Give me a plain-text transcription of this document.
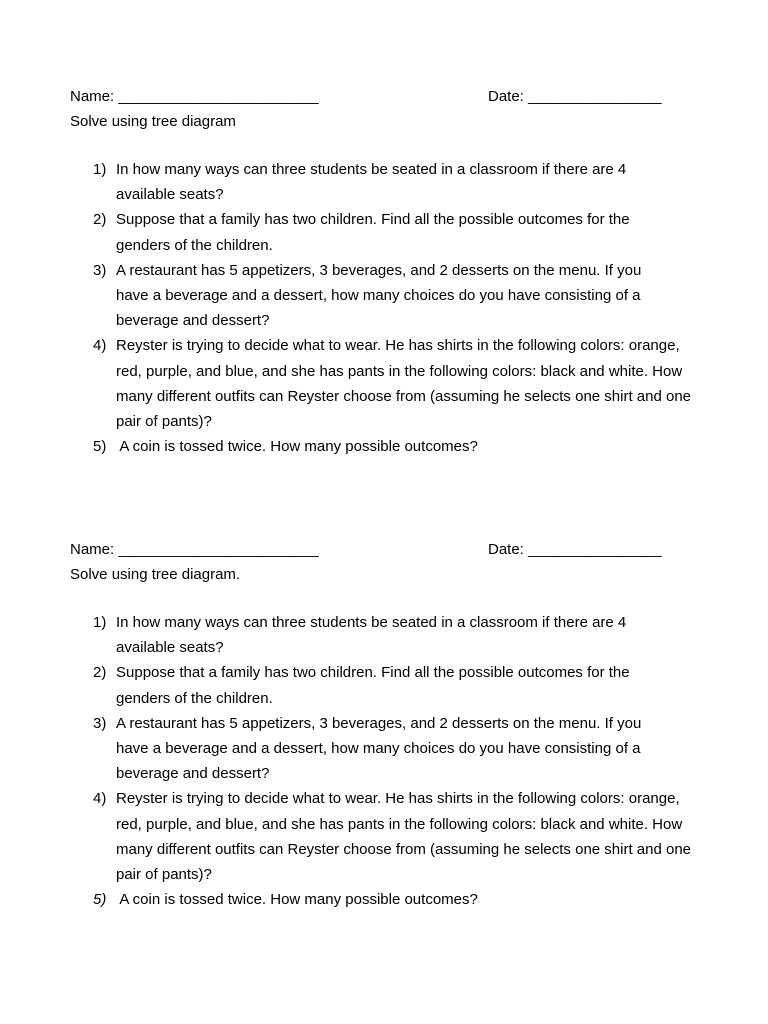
Name: ________________________	Date: ________________
Solve using tree diagram
1) In how many ways can three students be seated in a classroom if there are 4 available seats?
2) Suppose that a family has two children. Find all the possible outcomes for the genders of the children.
3) A restaurant has 5 appetizers, 3 beverages, and 2 desserts on the menu. If you have a beverage and a dessert, how many choices do you have consisting of a beverage and dessert?
4) Reyster is trying to decide what to wear. He has shirts in the following colors: orange, red, purple, and blue, and she has pants in the following colors: black and white. How many different outfits can Reyster choose from (assuming he selects one shirt and one pair of pants)?
5) A coin is tossed twice. How many possible outcomes?
Name: ________________________	Date: ________________
Solve using tree diagram.
1) In how many ways can three students be seated in a classroom if there are 4 available seats?
2) Suppose that a family has two children. Find all the possible outcomes for the genders of the children.
3) A restaurant has 5 appetizers, 3 beverages, and 2 desserts on the menu. If you have a beverage and a dessert, how many choices do you have consisting of a beverage and dessert?
4) Reyster is trying to decide what to wear. He has shirts in the following colors: orange, red, purple, and blue, and she has pants in the following colors: black and white. How many different outfits can Reyster choose from (assuming he selects one shirt and one pair of pants)?
5) A coin is tossed twice. How many possible outcomes?
